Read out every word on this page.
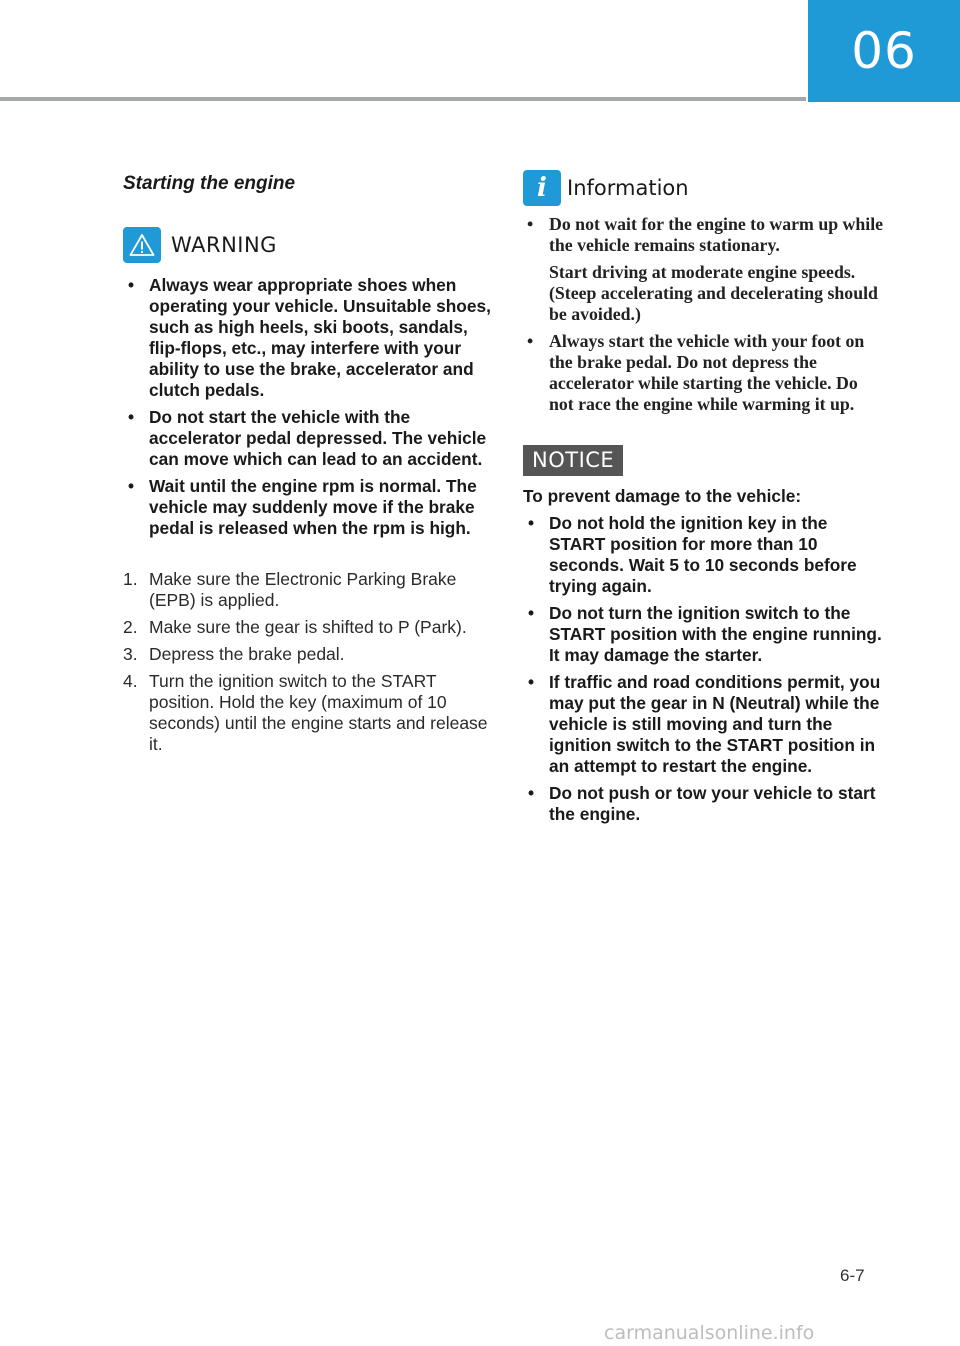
06
Starting the engine
WARNING
• Always wear appropriate shoes when operating your vehicle. Unsuitable shoes, such as high heels, ski boots, sandals, flip-flops, etc., may interfere with your ability to use the brake, accelerator and clutch pedals.
• Do not start the vehicle with the accelerator pedal depressed. The vehicle can move which can lead to an accident.
• Wait until the engine rpm is normal. The vehicle may suddenly move if the brake pedal is released when the rpm is high.
1. Make sure the Electronic Parking Brake (EPB) is applied.
2. Make sure the gear is shifted to P (Park).
3. Depress the brake pedal.
4. Turn the ignition switch to the START position. Hold the key (maximum of 10 seconds) until the engine starts and release it.
i Information
• Do not wait for the engine to warm up while the vehicle remains stationary.
Start driving at moderate engine speeds. (Steep accelerating and decelerating should be avoided.)
• Always start the vehicle with your foot on the brake pedal. Do not depress the accelerator while starting the vehicle. Do not race the engine while warming it up.
NOTICE
To prevent damage to the vehicle:
• Do not hold the ignition key in the START position for more than 10 seconds. Wait 5 to 10 seconds before trying again.
• Do not turn the ignition switch to the START position with the engine running. It may damage the starter.
• If traffic and road conditions permit, you may put the gear in N (Neutral) while the vehicle is still moving and turn the ignition switch to the START position in an attempt to restart the engine.
• Do not push or tow your vehicle to start the engine.
6-7
carmanualsonline.info
